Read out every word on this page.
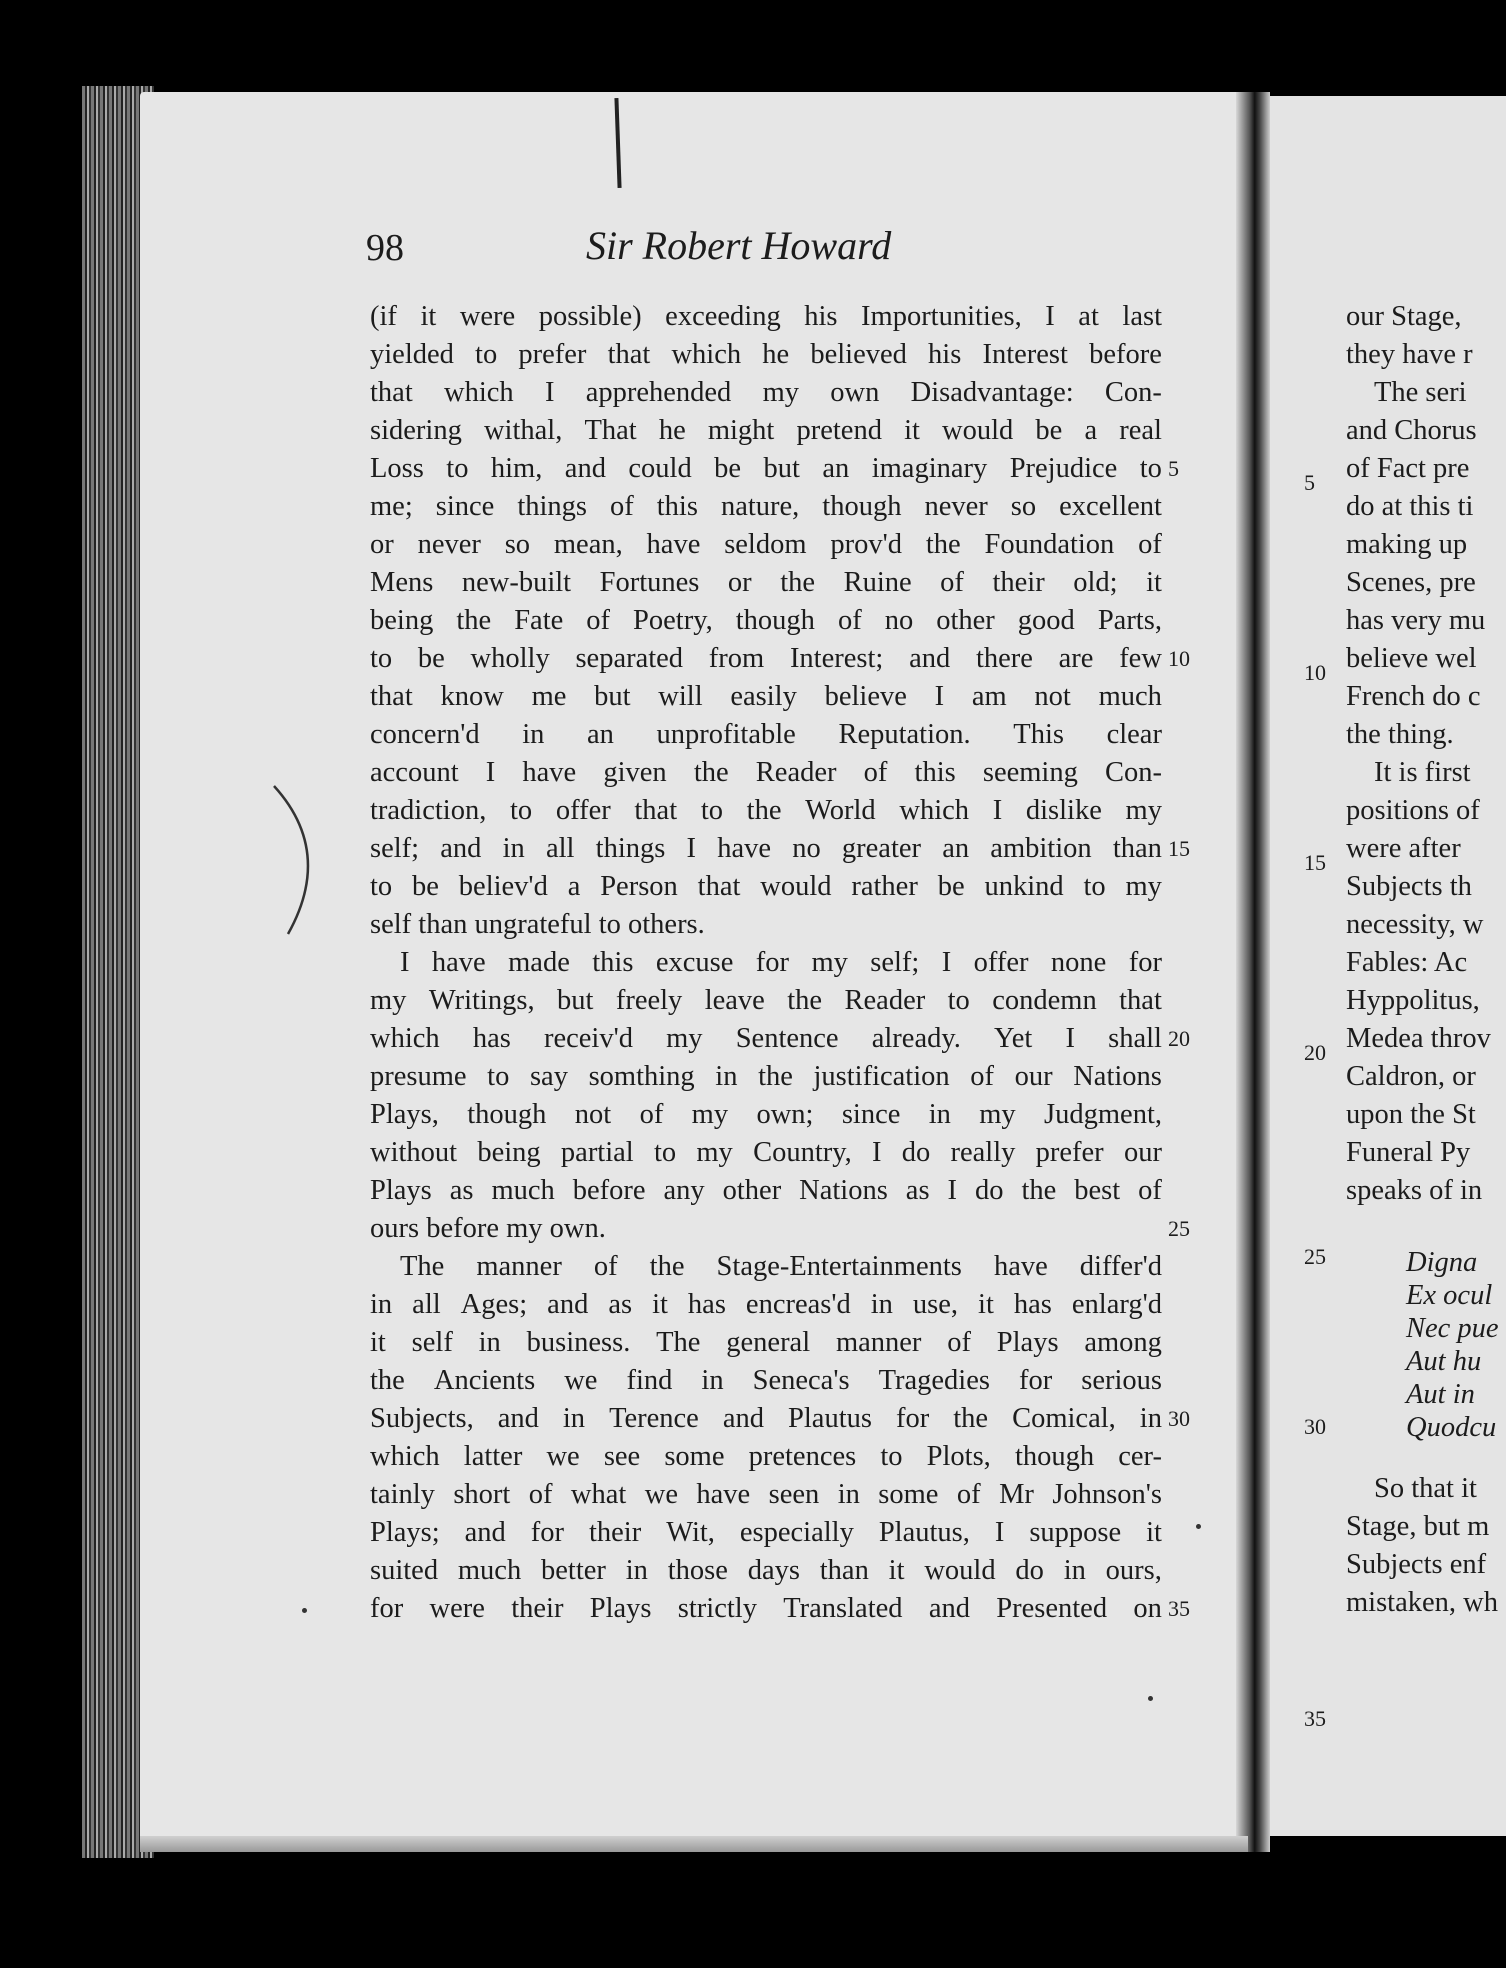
98	Sir Robert Howard
(if it were possible) exceeding his Importunities, I at last
yielded to prefer that which he believed his Interest before
that which I apprehended my own Disadvantage: Con-
sidering withal, That he might pretend it would be a real
Loss to him, and could be but an imaginary Prejudice to
me; since things of this nature, though never so excellent
or never so mean, have seldom prov'd the Foundation of
Mens new-built Fortunes or the Ruine of their old; it
being the Fate of Poetry, though of no other good Parts,
to be wholly separated from Interest; and there are few
that know me but will easily believe I am not much
concern'd in an unprofitable Reputation. This clear
account I have given the Reader of this seeming Con-
tradiction, to offer that to the World which I dislike my
self; and in all things I have no greater an ambition than
to be believ'd a Person that would rather be unkind to my
self than ungrateful to others.
I have made this excuse for my self; I offer none for
my Writings, but freely leave the Reader to condemn that
which has receiv'd my Sentence already. Yet I shall
presume to say somthing in the justification of our Nations
Plays, though not of my own; since in my Judgment,
without being partial to my Country, I do really prefer our
Plays as much before any other Nations as I do the best of
ours before my own.
The manner of the Stage-Entertainments have differ'd
in all Ages; and as it has encreas'd in use, it has enlarg'd
it self in business. The general manner of Plays among
the Ancients we find in Seneca's Tragedies for serious
Subjects, and in Terence and Plautus for the Comical, in
which latter we see some pretences to Plots, though cer-
tainly short of what we have seen in some of Mr Johnson's
Plays; and for their Wit, especially Plautus, I suppose it
suited much better in those days than it would do in ours,
for were their Plays strictly Translated and Presented on
5
10
15
20
25
30
35
our Stage,
they have r
The seri
and Chorus
of Fact pre
do at this ti
making up
Scenes, pre
has very mu
believe wel
French do c
the thing.
It is first
positions of
were after
Subjects th
necessity, w
Fables: Ac
Hyppolitus,
Medea throv
Caldron, or
upon the St
Funeral Py
speaks of in
Digna
Ex ocul
Nec pue
Aut hu
Aut in
Quodcu
So that it
Stage, but m
Subjects enf
mistaken, wh
5
10
15
20
25
30
35
